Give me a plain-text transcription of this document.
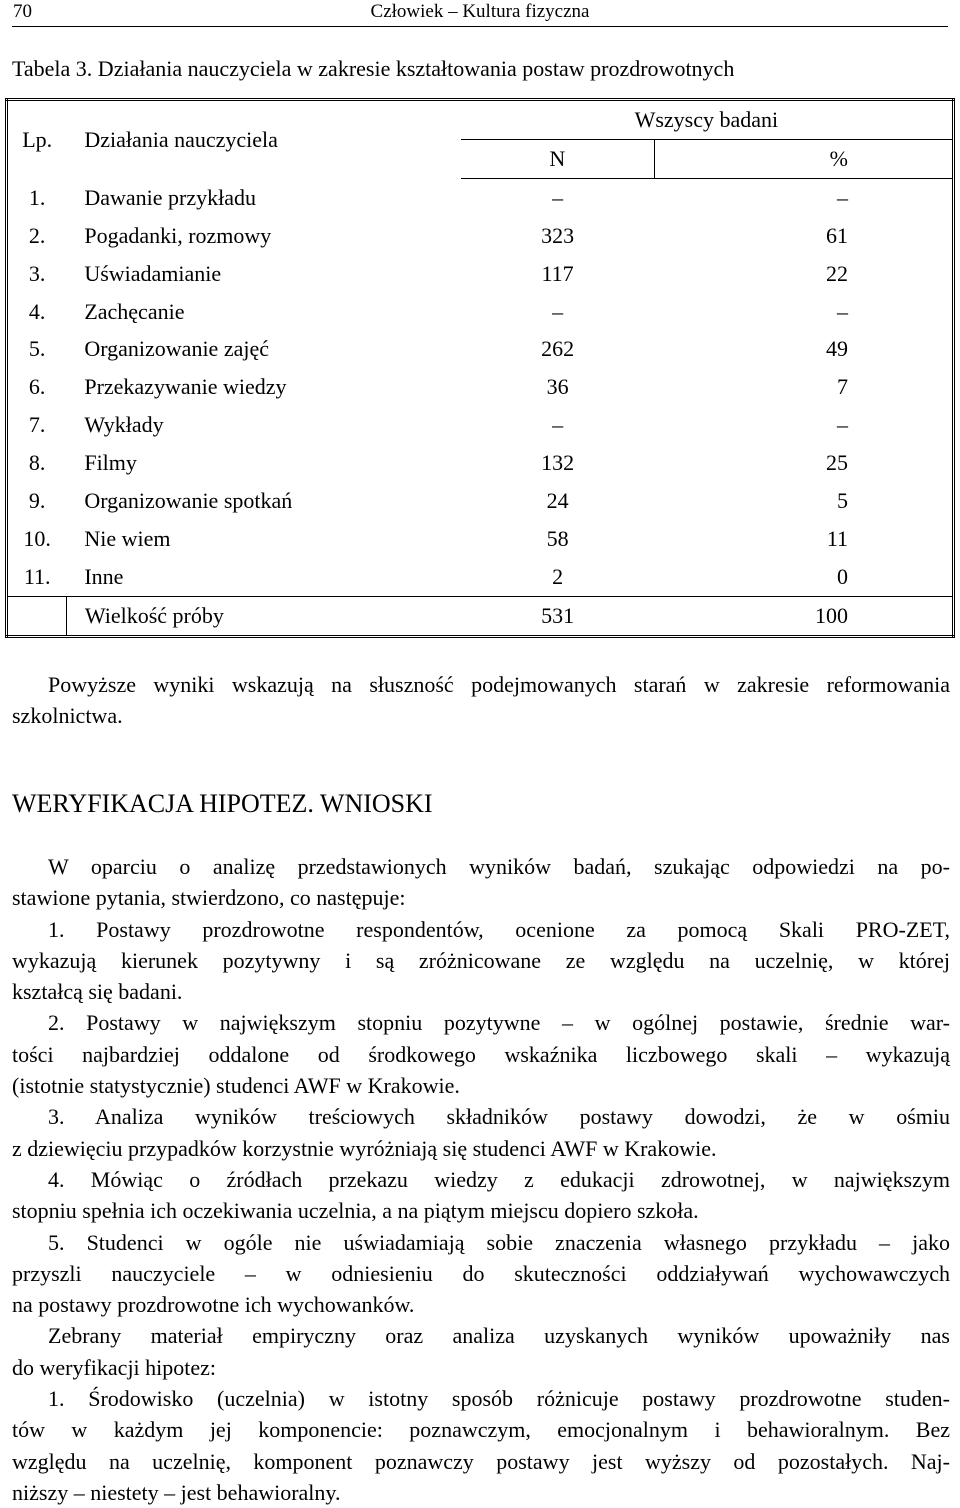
70	Człowiek – Kultura fizyczna
Tabela 3. Działania nauczyciela w zakresie kształtowania postaw prozdrowotnych
Lp.	Działania nauczyciela	Wszyscy badani	
		N	%
1.	Dawanie przykładu	–	–
2.	Pogadanki, rozmowy	323	61
3.	Uświadamianie	117	22
4.	Zachęcanie	–	–
5.	Organizowanie zajęć	262	49
6.	Przekazywanie wiedzy	36	7
7.	Wykłady	–	–
8.	Filmy	132	25
9.	Organizowanie spotkań	24	5
10.	Nie wiem	58	11
11.	Inne	2	0
	Wielkość próby	531	100
Powyższe wyniki wskazują na słuszność podejmowanych starań w zakresie reformowania
szkolnictwa.
WERYFIKACJA HIPOTEZ. WNIOSKI
W oparciu o analizę przedstawionych wyników badań, szukając odpowiedzi na po-
stawione pytania, stwierdzono, co następuje:
1. Postawy prozdrowotne respondentów, ocenione za pomocą Skali PRO-ZET,
wykazują kierunek pozytywny i są zróżnicowane ze względu na uczelnię, w której
kształcą się badani.
2. Postawy w największym stopniu pozytywne – w ogólnej postawie, średnie war-
tości najbardziej oddalone od środkowego wskaźnika liczbowego skali – wykazują
(istotnie statystycznie) studenci AWF w Krakowie.
3. Analiza wyników treściowych składników postawy dowodzi, że w ośmiu
z dziewięciu przypadków korzystnie wyróżniają się studenci AWF w Krakowie.
4. Mówiąc o źródłach przekazu wiedzy z edukacji zdrowotnej, w największym
stopniu spełnia ich oczekiwania uczelnia, a na piątym miejscu dopiero szkoła.
5. Studenci w ogóle nie uświadamiają sobie znaczenia własnego przykładu – jako
przyszli nauczyciele – w odniesieniu do skuteczności oddziaływań wychowawczych
na postawy prozdrowotne ich wychowanków.
Zebrany materiał empiryczny oraz analiza uzyskanych wyników upoważniły nas
do weryfikacji hipotez:
1. Środowisko (uczelnia) w istotny sposób różnicuje postawy prozdrowotne studen-
tów w każdym jej komponencie: poznawczym, emocjonalnym i behawioralnym. Bez
względu na uczelnię, komponent poznawczy postawy jest wyższy od pozostałych. Naj-
niższy – niestety – jest behawioralny.
